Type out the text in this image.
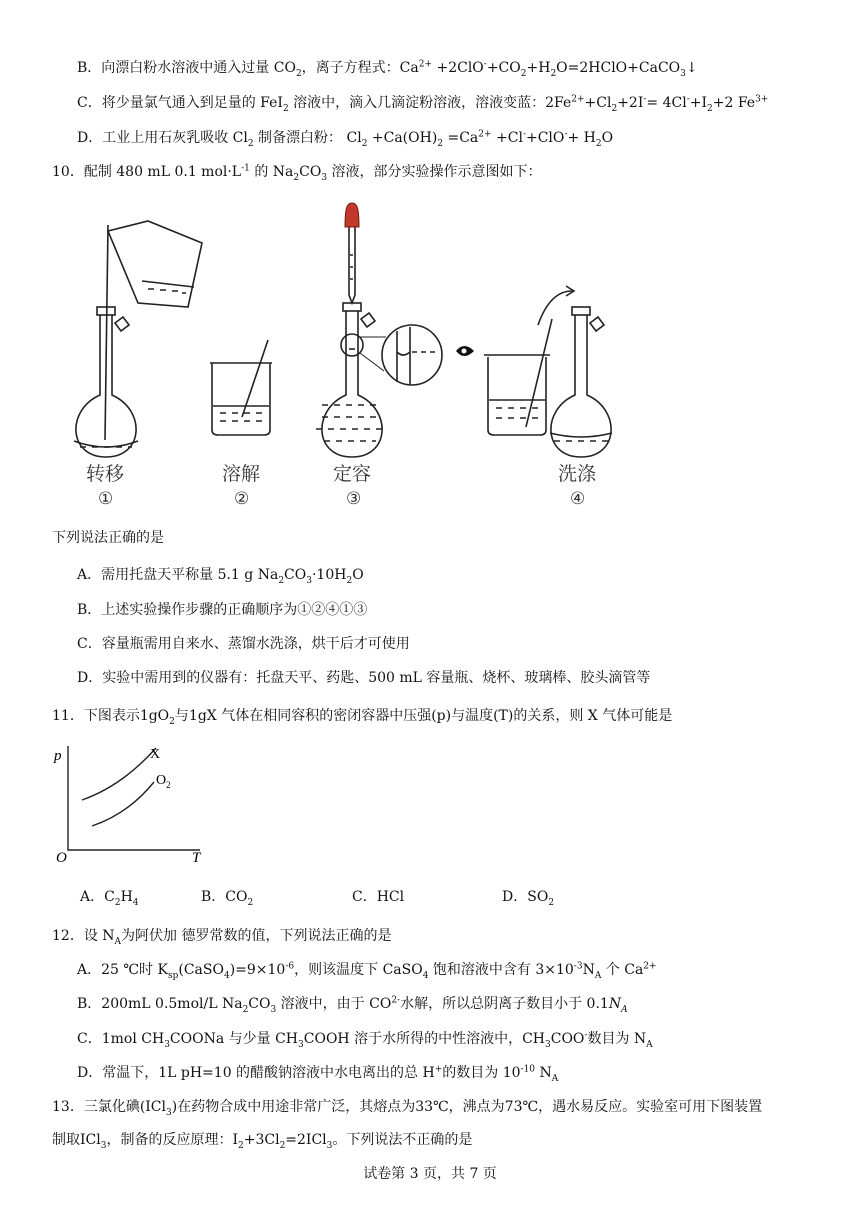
B．向漂白粉水溶液中通入过量 $CO_2$，离子方程式：$Ca^{2+}$ $+2ClO^-+CO_2+H_2O=2HClO+CaCO_3↓$
C．将少量氯气通入到足量的 FeI$_2$ 溶液中，滴入几滴淀粉溶液，溶液变蓝：$2Fe^{2+}+Cl_2+2I^-= 4Cl^-+I_2+2$ $Fe^{3+}$
D．工业上用石灰乳吸收 $Cl_2$ 制备漂白粉： $Cl_2 +Ca(OH)_2 =Ca^{2+} +Cl^-+ClO^-+ H_2O$
10．配制 480 mL 0.1 $mol\cdot L^{-1}$ 的 $Na_2CO_3$ 溶液，部分实验操作示意图如下：
转移	溶解	定容	洗涤
①	②	③	④
下列说法正确的是
A．需用托盘天平称量 5.1 g $Na_2CO_3\cdot 10H_2O$
B．上述实验操作步骤的正确顺序为①②④①③
C．容量瓶需用自来水、蒸馏水洗涤，烘干后才可使用
D．实验中需用到的仪器有：托盘天平、药匙、500 mL 容量瓶、烧杯、玻璃棒、胶头滴管等
11．下图表示$1gO_2$与1gX 气体在相同容积的密闭容器中压强(p)与温度(T)的关系，则 X 气体可能是
p
T
O
X
$O_2$
A．$C_2H_4$	B．$CO_2$	C．HCl	D．$SO_2$
12．设 $N_A$为阿伏加 德罗常数的值，下列说法正确的是
A．25 ℃时 $K_{sp}(CaSO_4)=9\times 10^{-6}$，则该温度下 CaSO$_4$ 饱和溶液中含有 $3\times 10^{-3}N_A$ 个 $Ca^{2+}$
B．200mL 0.5mol/L $Na_2CO_3$ 溶液中，由于 $CO^{2-}$水解，所以总阴离子数目小于 $0.1N_A$
C．1mol $CH_3COONa$ 与少量 $CH_3COOH$ 溶于水所得的中性溶液中，$CH_3COO^-$数目为 $N_A$
D．常温下，1L pH=10 的醋酸钠溶液中水电离出的总 H+的数目为 $10^{-10}$ $N_A$
13．三氯化碘(ICl$_3$)在药物合成中用途非常广泛，其熔点为33℃，沸点为73℃，遇水易反应。实验室可用下图装置
制取ICl$_3$，制备的反应原理：$I_2+3Cl_2=2ICl_3$。下列说法不正确的是
试卷第 3 页，共 7 页
